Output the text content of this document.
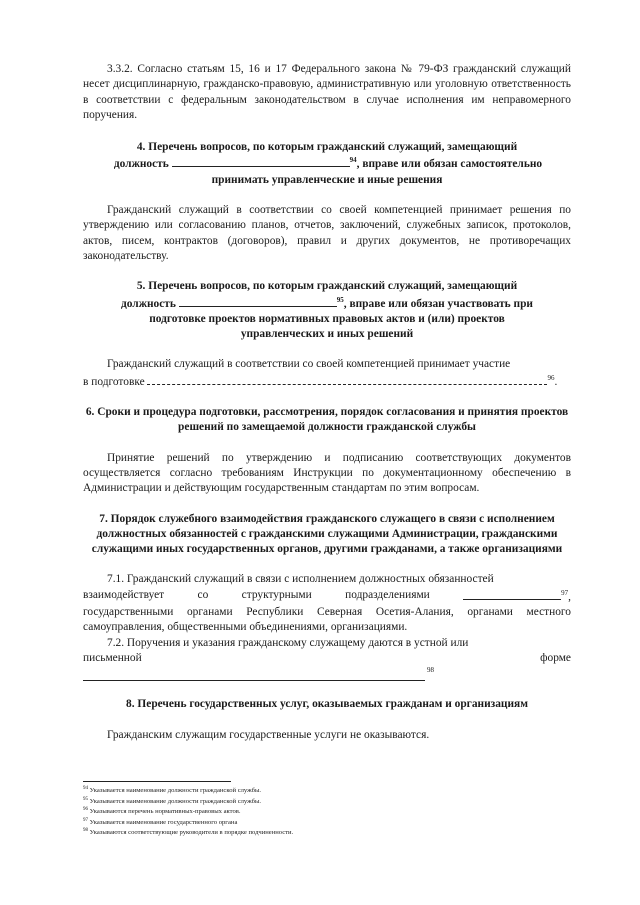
3.3.2. Согласно статьям 15, 16 и 17 Федерального закона № 79-ФЗ гражданский служащий несет дисциплинарную, гражданско-правовую, административную или уголовную ответственность в соответствии с федеральным законодательством в случае исполнения им неправомерного поручения.

4. Перечень вопросов, по которым гражданский служащий, замещающий

должность	$^{94}$, вправе или обязан самостоятельно

принимать управленческие и иные решения

Гражданский служащий в соответствии со своей компетенцией принимает решения по утверждению или согласованию планов, отчетов, заключений, служебных записок, протоколов, актов, писем, контрактов (договоров), правил и других документов, не противоречащих законодательству.

5. Перечень вопросов, по которым гражданский служащий, замещающий

должность	$^{95}$, вправе или обязан участвовать при

подготовке проектов нормативных правовых актов и (или) проектов

управленческих и иных решений

Гражданский служащий в соответствии со своей компетенцией принимает участие

в подготовке	$^{96}$.

6. Сроки и процедура подготовки, рассмотрения, порядок согласования и принятия проектов решений по замещаемой должности гражданской службы

Принятие решений по утверждению и подписанию соответствующих документов осуществляется согласно требованиям Инструкции по документационному обеспечению в Администрации и действующим государственным стандартам по этим вопросам.

7. Порядок служебного взаимодействия гражданского служащего в связи с исполнением должностных обязанностей с гражданскими служащими Администрации, гражданскими служащими иных государственных органов, другими гражданами, а также организациями

7.1. Гражданский служащий в связи с исполнением должностных обязанностей

взаимодействует	со	структурными	подразделениями	$^{97}$,

государственными органами Республики Северная Осетия-Алания, органами местного самоуправления, общественными объединениями, организациями.

7.2. Поручения и указания гражданскому служащему даются в устной или

письменной	форме
98

8. Перечень государственных услуг, оказываемых гражданам и организациям

Гражданским служащим государственные услуги не оказываются.

$^{94}$ Указывается наименование должности гражданской службы.
$^{95}$ Указывается наименование должности гражданской службы.
$^{96}$ Указываются перечень нормативных-правовых актов.
$^{97}$ Указывается наименование государственного органа
$^{98}$ Указываются соответствующие руководители в порядке подчиненности.
